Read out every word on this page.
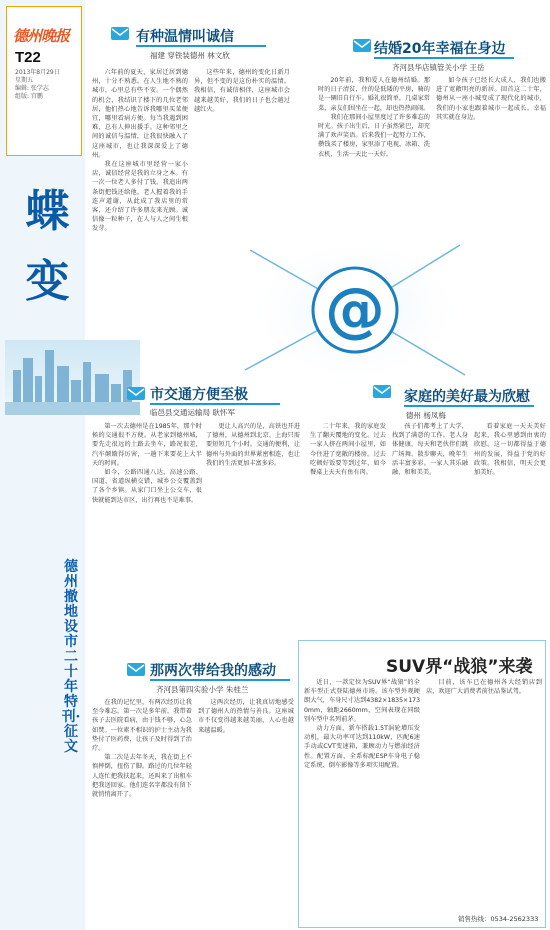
德州晚报
T22
2013年8月29日
星期五
编辑: 张学志
组版: 宫鹏
蝶
变
德州撤地设市二十年特刊·征文
@
有种温情叫诚信
福建 穿铁装德州 林文欣

六年前的夏天，家居迁居到德州，十分不熟悉。在人生地不熟的城市，心里总有些不安。一个偶然的机会，我结识了楼下的几位老邻居，他们热心地告诉我哪里买菜便宜，哪里看病方便。每当我遇到困难，总有人伸出援手。这种邻里之间的诚信与温情，让我很快融入了这座城市，也让我深深爱上了德州。

我在这座城市里经营一家小店，诚信经营是我的立身之本。有一次一位老人多付了钱，我追出两条街把钱还给他。老人握着我的手连声道谢，从此成了我店里的常客，还介绍了许多朋友来光顾。诚信像一粒种子，在人与人之间生根发芽。

这些年来，德州的变化日新月异，但不变的是这份朴实的温情。我相信，有诚信相伴，这座城市会越来越美好，我们的日子也会越过越红火。

结婚20年幸福在身边
齐河县华店镇管关小学 王岳

20年前，我和爱人在德州结婚。那时的日子清贫，住的是低矮的平房，骑的是一辆旧自行车。婚礼很简单，几桌家常菜，亲友们围坐在一起，却也热热闹闹。

我们在那间小屋里度过了许多难忘的时光。孩子出生后，日子虽然紧巴，却充满了欢声笑语。后来我们一起努力工作，攒钱买了楼房，家里添了电视、冰箱、洗衣机，生活一天比一天好。

如今孩子已经长大成人，我们也搬进了宽敞明亮的新居。回首这二十年，德州从一座小城变成了现代化的城市，我们的小家也跟着城市一起成长。幸福其实就在身边。

市交通方便至极
临邑县交通运输局 耿怀军

第一次去德州是在1985年，那个时候的交通很不方便。从老家到德州城，要先走很远的土路去坐车，路况很差，汽车颠簸得厉害，一趟下来要花上大半天的时间。

如今，公路四通八达，高速公路、国道、省道纵横交错，城乡公交覆盖到了各个乡镇。从家门口坐上公交车，很快就能到达市区，出行再也不是难事。

更让人高兴的是，高铁也开进了德州，从德州到北京、上海只需要短短几个小时。交通的便利，让德州与外面的世界紧密相连，也让我们的生活更加丰富多彩。

家庭的美好最为欣慰
德州 杨凤梅

二十年来，我的家庭发生了翻天覆地的变化。过去一家人挤在两间小屋里，如今住进了宽敞的楼房。过去吃顿好饭要等到过年，如今餐桌上天天有鱼有肉。

孩子们都考上了大学，找到了满意的工作。老人身体健康，每天和老伙伴们跳广场舞、散步聊天，晚年生活丰富多彩。一家人其乐融融，和和美美。

看着家庭一天天美好起来，我心里感到由衷的欣慰。这一切都得益于德州的发展，得益于党的好政策。我相信，明天会更加美好。

那两次带给我的感动
齐河县第四实验小学 朱桂兰

在我的记忆里，有两次经历让我至今难忘。第一次是多年前，我带着孩子去医院看病，由于钱不够，心急如焚。一位素不相识的护士主动为我垫付了医药费，让孩子及时得到了治疗。

第二次是去年冬天，我在街上不慎摔倒，扭伤了脚。路过的几位年轻人连忙把我扶起来，还叫来了出租车把我送回家。他们连名字都没有留下就悄悄离开了。

这两次经历，让我真切地感受到了德州人的热情与善良。这座城市不仅变得越来越美丽，人心也越来越温暖。

SUV界“战狼”来袭

近日，一款定位为SUV界“战狼”的全新车型正式登陆德州市场。该车型外观硬朗大气，车身尺寸达到4382×1835×1730mm，轴距2660mm，空间表现在同级别车型中名列前茅。

动力方面，新车搭载1.5T涡轮增压发动机，最大功率可达到110kW，匹配6速手动或CVT变速箱，兼顾动力与燃油经济性。配置方面，全系标配ESP车身电子稳定系统、倒车影像等多项实用配置。

目前，该车已在德州各大经销店到店，欢迎广大消费者前往品鉴试驾。

销售热线：0534-2562333
